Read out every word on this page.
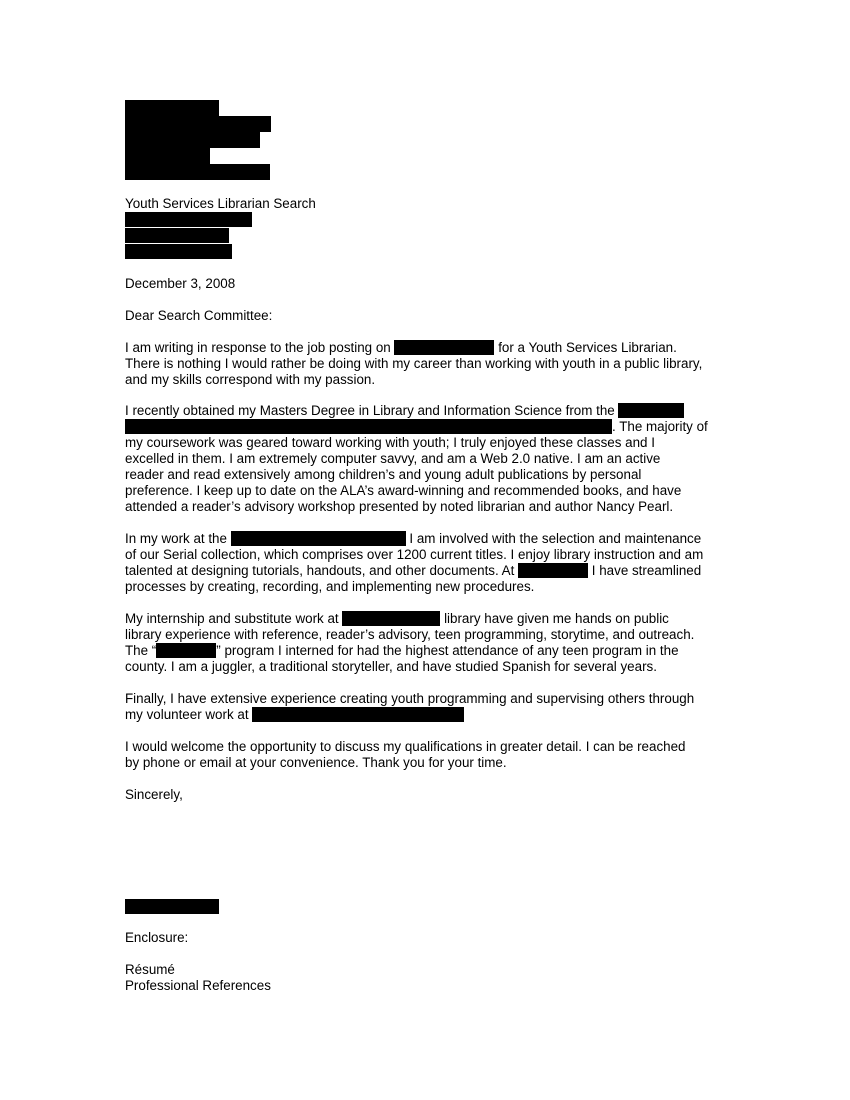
Youth Services Librarian Search
December 3, 2008
Dear Search Committee:
I am writing in response to the job posting on	for a Youth Services Librarian.
There is nothing I would rather be doing with my career than working with youth in a public library,
and my skills correspond with my passion.
I recently obtained my Masters Degree in Library and Information Science from the
. The majority of
my coursework was geared toward working with youth; I truly enjoyed these classes and I
excelled in them. I am extremely computer savvy, and am a Web 2.0 native. I am an active
reader and read extensively among children’s and young adult publications by personal
preference. I keep up to date on the ALA’s award-winning and recommended books, and have
attended a reader’s advisory workshop presented by noted librarian and author Nancy Pearl.
In my work at the	I am involved with the selection and maintenance
of our Serial collection, which comprises over 1200 current titles. I enjoy library instruction and am
talented at designing tutorials, handouts, and other documents. At	I have streamlined
processes by creating, recording, and implementing new procedures.
My internship and substitute work at	library have given me hands on public
library experience with reference, reader’s advisory, teen programming, storytime, and outreach.
The “	” program I interned for had the highest attendance of any teen program in the
county. I am a juggler, a traditional storyteller, and have studied Spanish for several years.
Finally, I have extensive experience creating youth programming and supervising others through
my volunteer work at
I would welcome the opportunity to discuss my qualifications in greater detail. I can be reached
by phone or email at your convenience. Thank you for your time.
Sincerely,
Enclosure:
Résumé
Professional References
